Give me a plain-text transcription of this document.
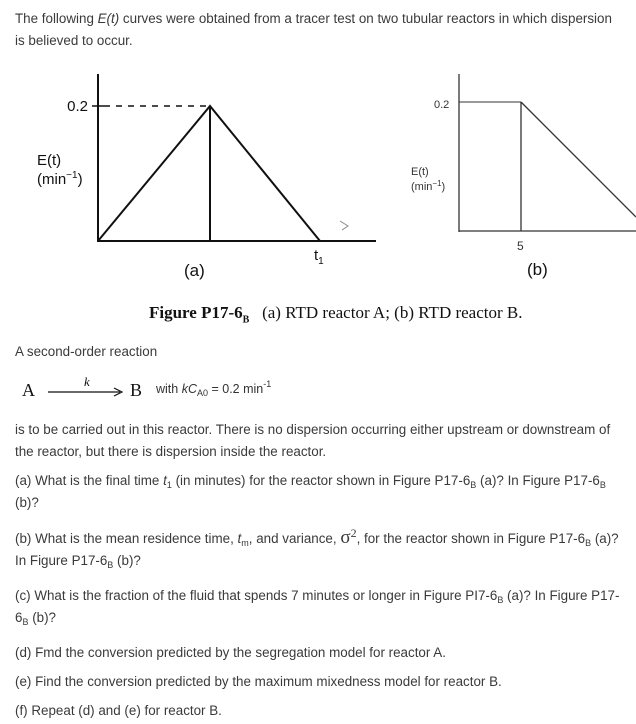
The following E(t) curves were obtained from a tracer test on two tubular reactors in which dispersion is believed to occur.
0.2
E(t)
$(\min^{-1})$
$t_1$
(a)
0.2
E(t)
$(\min^{-1})$
5
(b)
Figure $P17-6_B$ (a) RTD reactor A; (b) RTD reactor B.
A second-order reaction
A	k B with $kC_{A0} = 0.2$ $\min^{-1}$
is to be carried out in this reactor. There is no dispersion occurring either upstream or downstream of the reactor, but there is dispersion inside the reactor.
(a) What is the final time $t_1$ (in minutes) for the reactor shown in Figure $P17-6_B$ (a)? In Figure $P17-6_B$ (b)?
(b) What is the mean residence time, $t_m$, and variance, $\sigma^2$, for the reactor shown in Figure $P17-6_B$ (a)? In Figure $P17-6_B$ (b)?
(c) What is the fraction of the fluid that spends 7 minutes or longer in Figure $PI7-6_B$ (a)? In Figure $P17-6_B$ (b)?
(d) Fmd the conversion predicted by the segregation model for reactor A.
(e) Find the conversion predicted by the maximum mixedness model for reactor B.
(f) Repeat (d) and (e) for reactor B.
